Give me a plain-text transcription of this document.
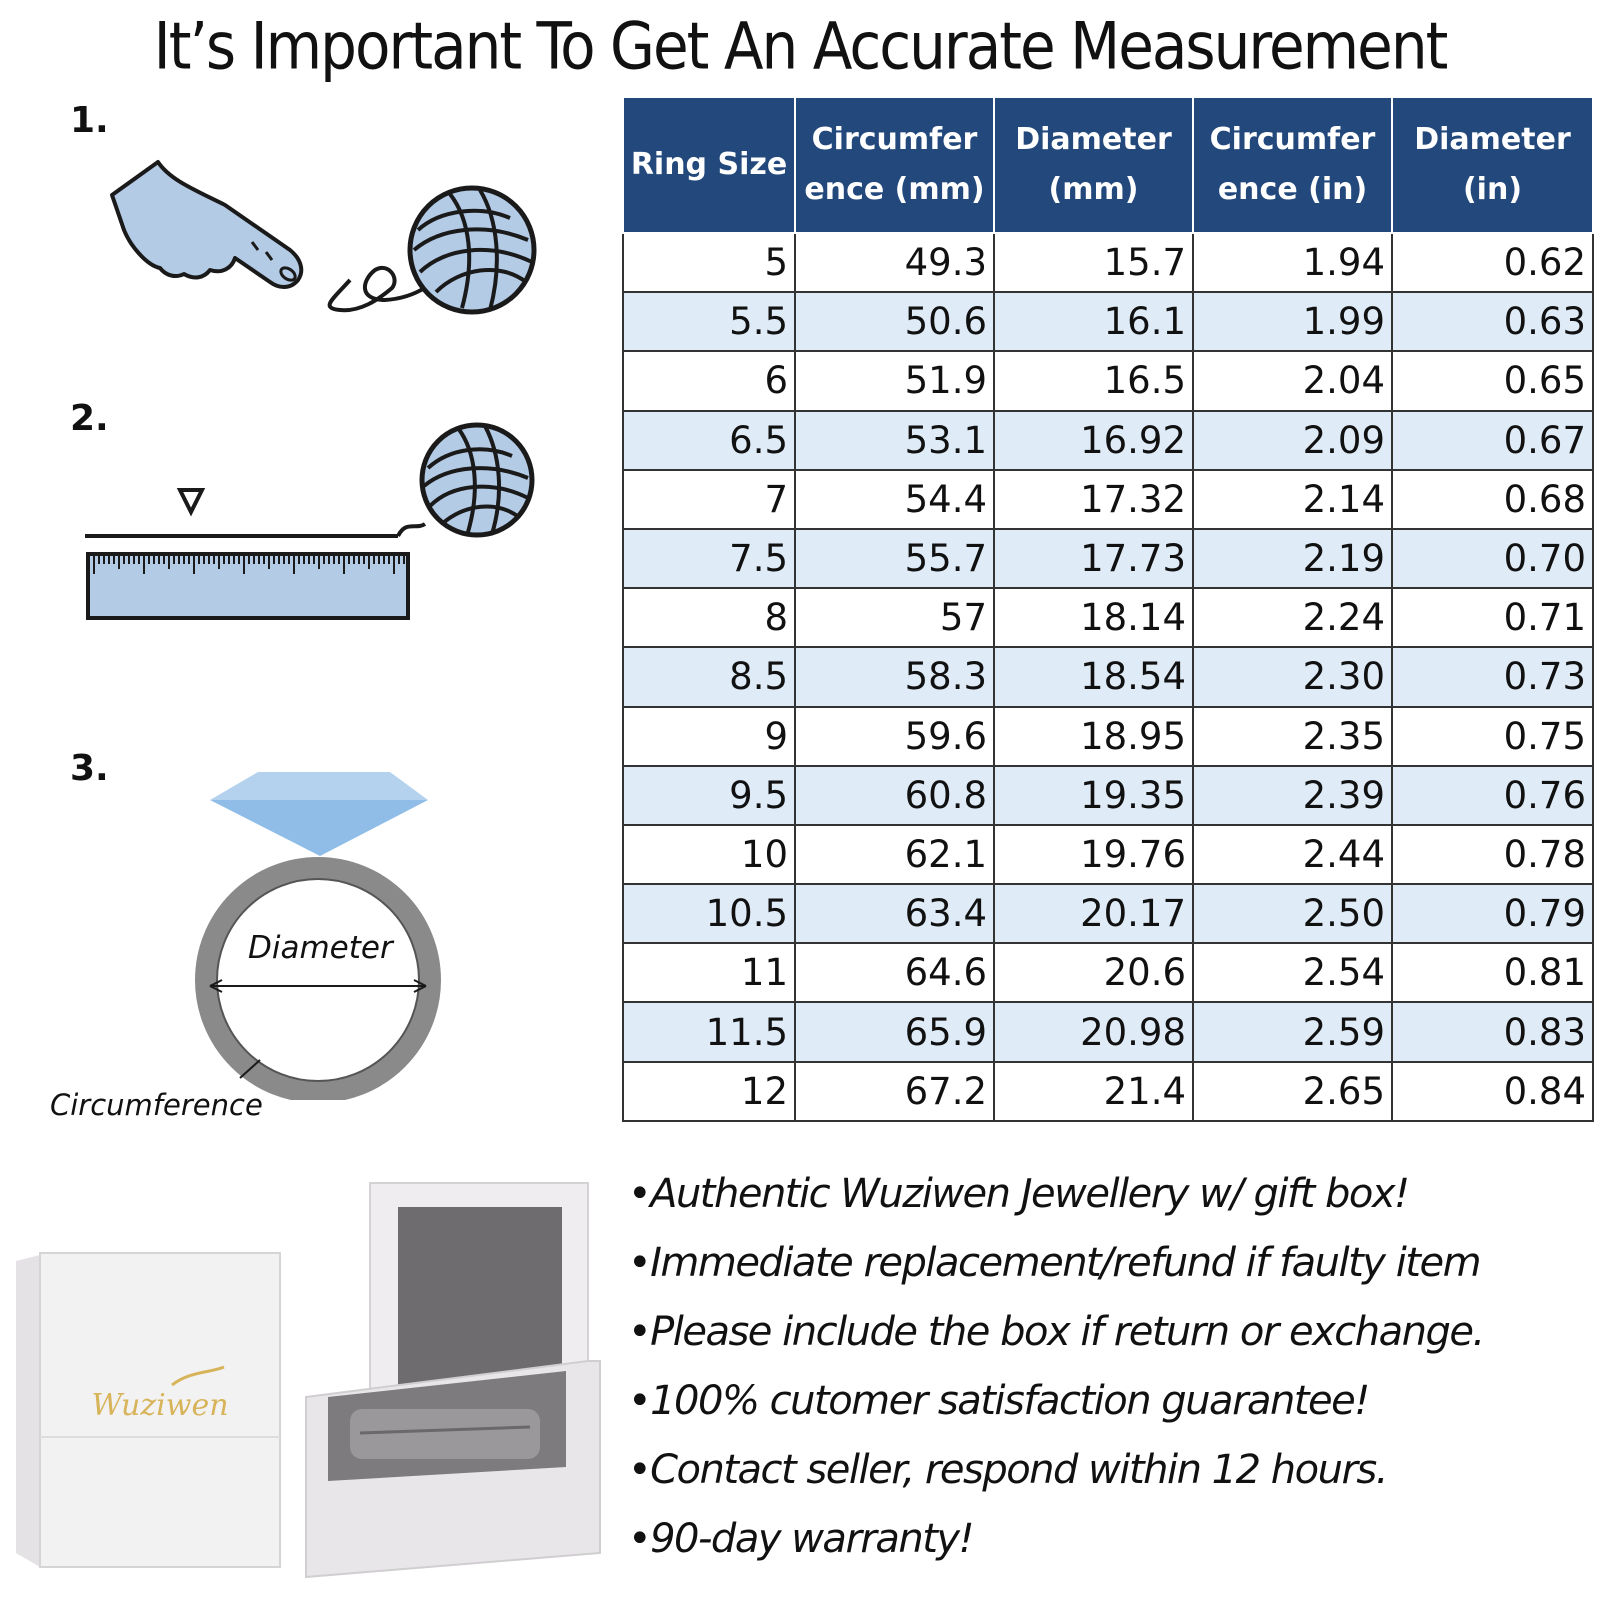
It’s Important To Get An Accurate Measurement
1.
2.
3.
Diameter
Circumference
Ring Size	Circumference (mm)	Diameter (mm)	Circumference (in)	Diameter (in)
5	49.3	15.7	1.94	0.62
5.5	50.6	16.1	1.99	0.63
6	51.9	16.5	2.04	0.65
6.5	53.1	16.92	2.09	0.67
7	54.4	17.32	2.14	0.68
7.5	55.7	17.73	2.19	0.70
8	57	18.14	2.24	0.71
8.5	58.3	18.54	2.30	0.73
9	59.6	18.95	2.35	0.75
9.5	60.8	19.35	2.39	0.76
10	62.1	19.76	2.44	0.78
10.5	63.4	20.17	2.50	0.79
11	64.6	20.6	2.54	0.81
11.5	65.9	20.98	2.59	0.83
12	67.2	21.4	2.65	0.84
Wuziwen
• Authentic Wuziwen Jewellery w/ gift box!
• Immediate replacement/refund if faulty item
• Please include the box if return or exchange.
• 100% cutomer satisfaction guarantee!
• Contact seller, respond within 12 hours.
• 90-day warranty!
